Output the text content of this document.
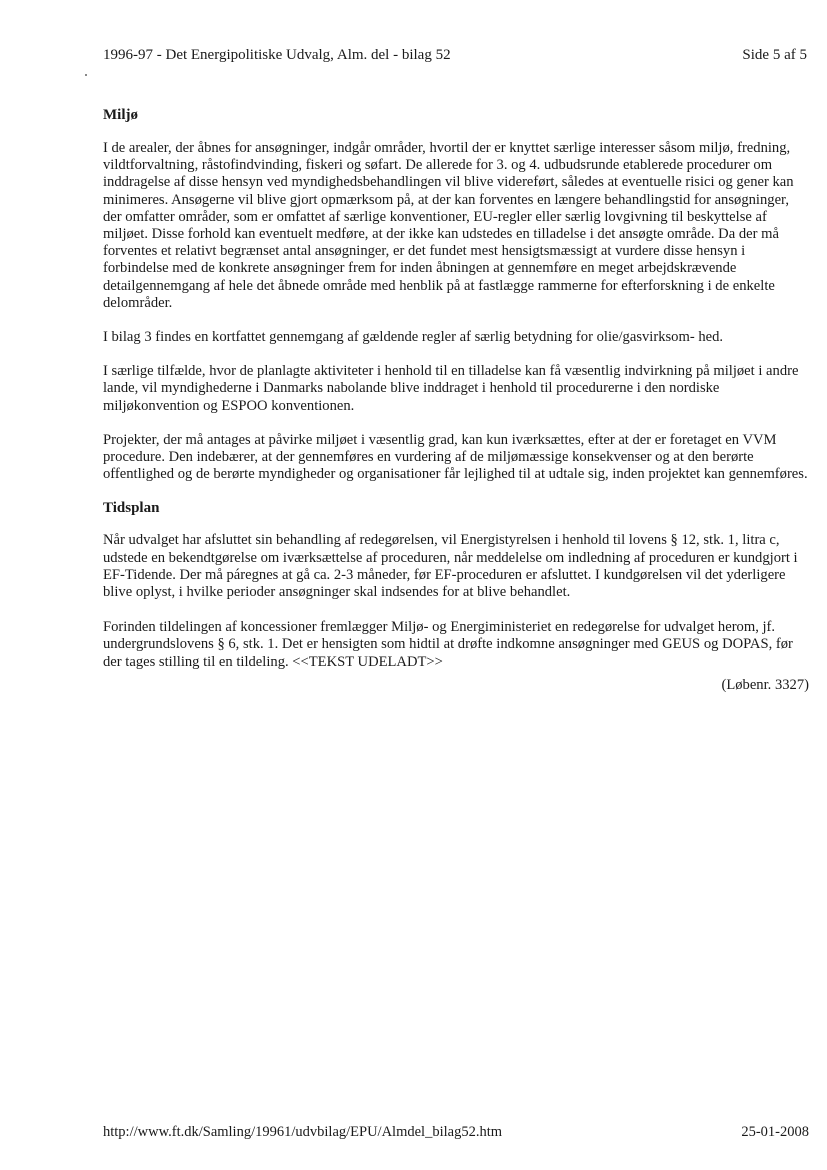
1996-97 - Det Energipolitiske Udvalg, Alm. del - bilag 52	Side 5 af 5
Miljø

I de arealer, der åbnes for ansøgninger, indgår områder, hvortil der er knyttet særlige interesser såsom miljø, fredning, vildtforvaltning, råstofindvinding, fiskeri og søfart. De allerede for 3. og 4. udbudsrunde etablerede procedurer om inddragelse af disse hensyn ved myndighedsbehandlingen vil blive videreført, således at eventuelle risici og gener kan minimeres. Ansøgerne vil blive gjort opmærksom på, at der kan forventes en længere behandlingstid for ansøgninger, der omfatter områder, som er omfattet af særlige konventioner, EU-regler eller særlig lovgivning til beskyttelse af miljøet. Disse forhold kan eventuelt medføre, at der ikke kan udstedes en tilladelse i det ansøgte område. Da der må forventes et relativt begrænset antal ansøgninger, er det fundet mest hensigtsmæssigt at vurdere disse hensyn i forbindelse med de konkrete ansøgninger frem for inden åbningen at gennemføre en meget arbejdskrævende detailgennemgang af hele det åbnede område med henblik på at fastlægge rammerne for efterforskning i de enkelte delområder.

I bilag 3 findes en kortfattet gennemgang af gældende regler af særlig betydning for olie/gasvirksom- hed.

I særlige tilfælde, hvor de planlagte aktiviteter i henhold til en tilladelse kan få væsentlig indvirkning på miljøet i andre lande, vil myndighederne i Danmarks nabolande blive inddraget i henhold til procedurerne i den nordiske miljøkonvention og ESPOO konventionen.

Projekter, der må antages at påvirke miljøet i væsentlig grad, kan kun iværksættes, efter at der er foretaget en VVM procedure. Den indebærer, at der gennemføres en vurdering af de miljømæssige konsekvenser og at den berørte offentlighed og de berørte myndigheder og organisationer får lejlighed til at udtale sig, inden projektet kan gennemføres.

Tidsplan

Når udvalget har afsluttet sin behandling af redegørelsen, vil Energistyrelsen i henhold til lovens § 12, stk. 1, litra c, udstede en bekendtgørelse om iværksættelse af proceduren, når meddelelse om indledning af proceduren er kundgjort i EF-Tidende. Der må páregnes at gå ca. 2-3 måneder, før EF-proceduren er afsluttet. I kundgørelsen vil det yderligere blive oplyst, i hvilke perioder ansøgninger skal indsendes for at blive behandlet.

Forinden tildelingen af koncessioner fremlægger Miljø- og Energiministeriet en redegørelse for udvalget herom, jf. undergrundslovens § 6, stk. 1. Det er hensigten som hidtil at drøfte indkomne ansøgninger med GEUS og DOPAS, før der tages stilling til en tildeling. <<TEKST UDELADT>>

(Løbenr. 3327)
http://www.ft.dk/Samling/19961/udvbilag/EPU/Almdel_bilag52.htm	25-01-2008
